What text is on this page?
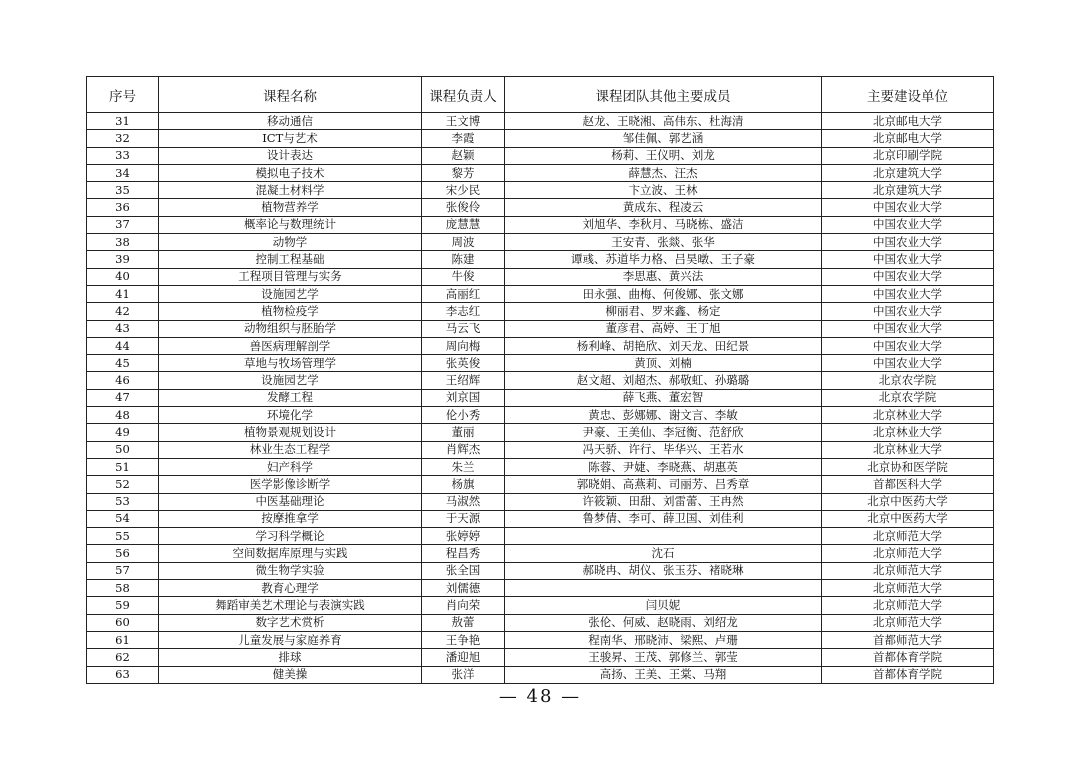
序号	课程名称	课程负责人	课程团队其他主要成员	主要建设单位
31	移动通信	王文博	赵龙、王晓湘、高伟东、杜海清	北京邮电大学
32	ICT与艺术	李霞	邹佳佩、郭艺涵	北京邮电大学
33	设计表达	赵颖	杨莉、王仪明、刘龙	北京印刷学院
34	模拟电子技术	黎芳	薛慧杰、汪杰	北京建筑大学
35	混凝土材料学	宋少民	卞立波、王林	北京建筑大学
36	植物营养学	张俊伶	黄成东、程凌云	中国农业大学
37	概率论与数理统计	庞慧慧	刘旭华、李秋月、马晓栋、盛洁	中国农业大学
38	动物学	周波	王安青、张燚、张华	中国农业大学
39	控制工程基础	陈建	谭彧、苏道毕力格、吕昊暾、王子豪	中国农业大学
40	工程项目管理与实务	牛俊	李思惠、黄兴法	中国农业大学
41	设施园艺学	高丽红	田永强、曲梅、何俊娜、张文娜	中国农业大学
42	植物检疫学	李志红	柳丽君、罗来鑫、杨定	中国农业大学
43	动物组织与胚胎学	马云飞	董彦君、高婷、王丁旭	中国农业大学
44	兽医病理解剖学	周向梅	杨利峰、胡艳欣、刘天龙、田纪景	中国农业大学
45	草地与牧场管理学	张英俊	黄顶、刘楠	中国农业大学
46	设施园艺学	王绍辉	赵文超、刘超杰、郝敬虹、孙璐璐	北京农学院
47	发酵工程	刘京国	薛飞燕、董宏智	北京农学院
48	环境化学	伦小秀	黄忠、彭娜娜、谢文言、李敏	北京林业大学
49	植物景观规划设计	董丽	尹豪、王美仙、李冠衡、范舒欣	北京林业大学
50	林业生态工程学	肖辉杰	冯天骄、许行、毕华兴、王若水	北京林业大学
51	妇产科学	朱兰	陈蓉、尹婕、李晓燕、胡惠英	北京协和医学院
52	医学影像诊断学	杨旗	郭晓娟、高燕莉、司丽芳、吕秀章	首都医科大学
53	中医基础理论	马淑然	许筱颖、田甜、刘雷蕾、王冉然	北京中医药大学
54	按摩推拿学	于天源	鲁梦倩、李可、薛卫国、刘佳利	北京中医药大学
55	学习科学概论	张婷婷		北京师范大学
56	空间数据库原理与实践	程昌秀	沈石	北京师范大学
57	微生物学实验	张全国	郝晓冉、胡仪、张玉芬、褚晓琳	北京师范大学
58	教育心理学	刘儒德		北京师范大学
59	舞蹈审美艺术理论与表演实践	肖向荣	闫贝妮	北京师范大学
60	数字艺术赏析	敖蕾	张伦、何威、赵晓雨、刘绍龙	北京师范大学
61	儿童发展与家庭养育	王争艳	程南华、邢晓沛、梁熙、卢珊	首都师范大学
62	排球	潘迎旭	王骏昇、王茂、郭修兰、郭莹	首都体育学院
63	健美操	张洋	高扬、王美、王棠、马翔	首都体育学院
— 48 —
